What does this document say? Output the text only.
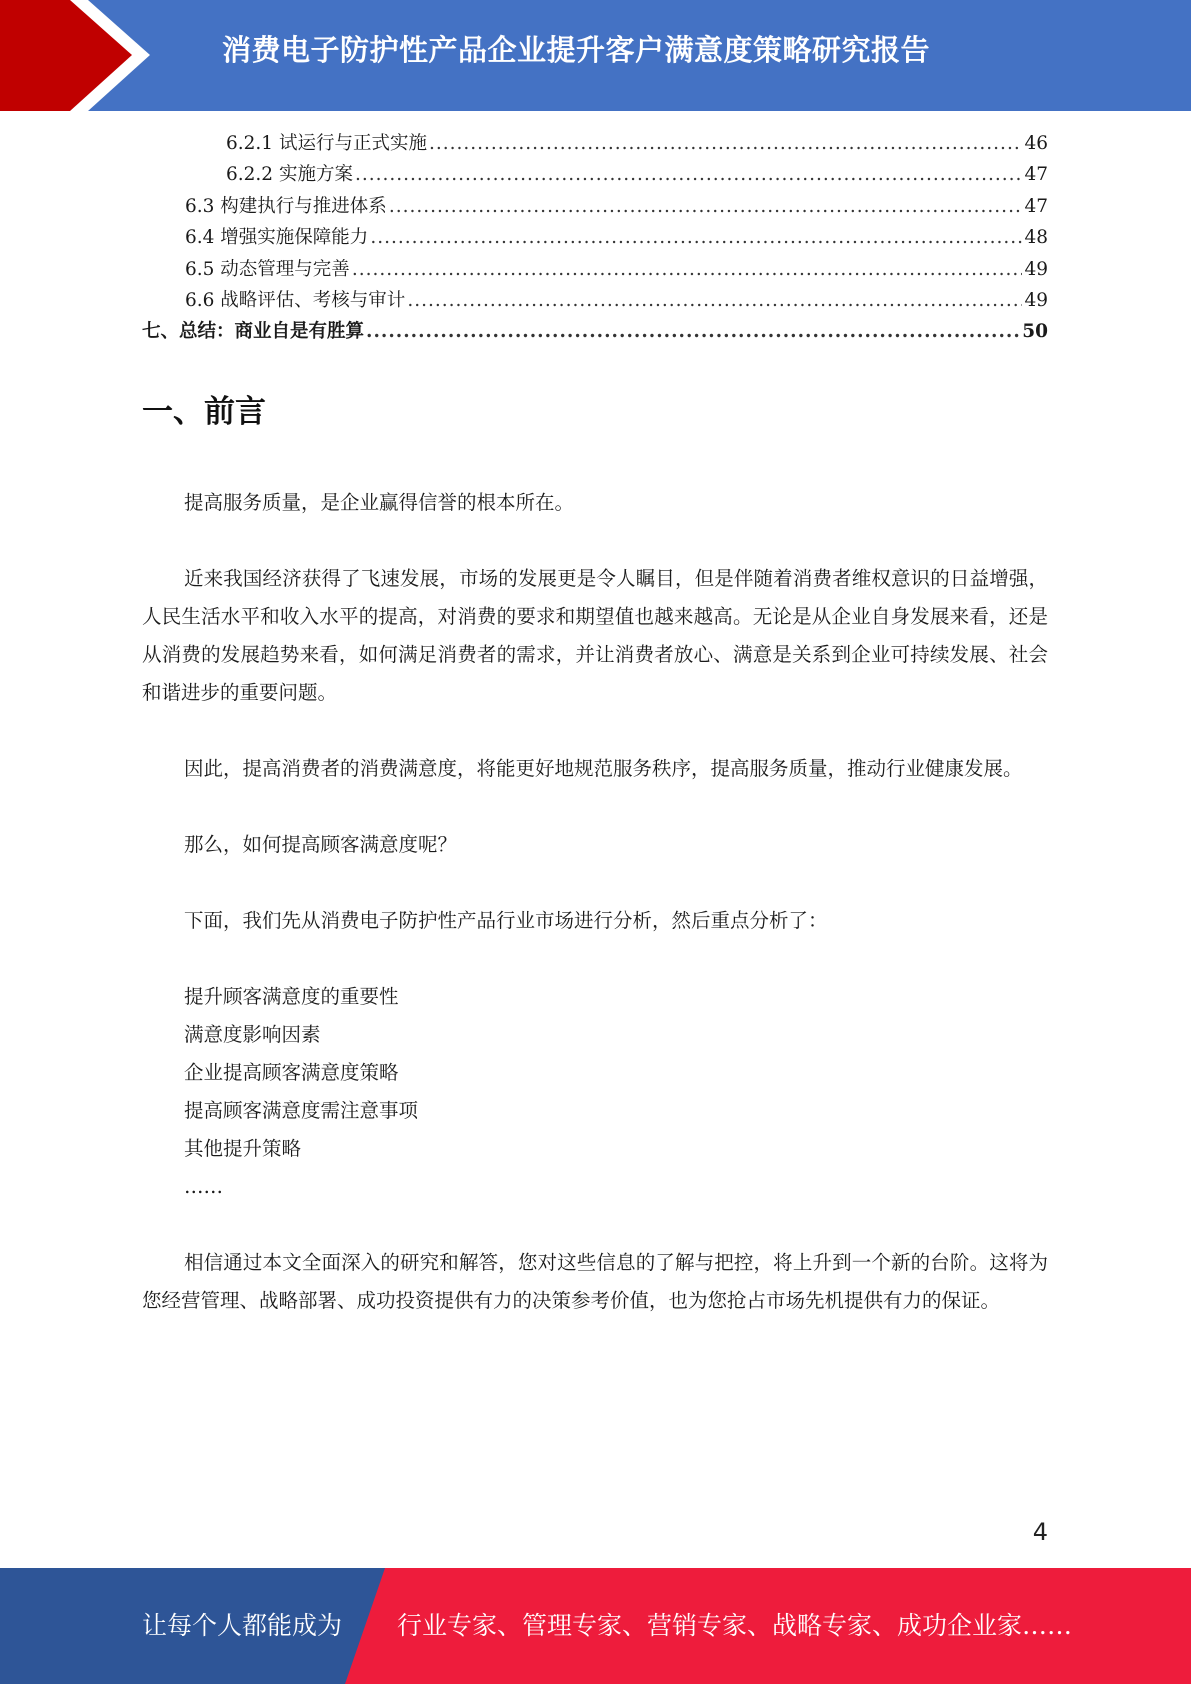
消费电子防护性产品企业提升客户满意度策略研究报告
6.2.1 试运行与正式实施 .....	46
6.2.2 实施方案 .....	47
6.3 构建执行与推进体系 .....	47
6.4 增强实施保障能力 .....	48
6.5 动态管理与完善 .....	49
6.6 战略评估、考核与审计 .....	49
七、总结：商业自是有胜算 .....	50
一、前言

提高服务质量，是企业赢得信誉的根本所在。

近来我国经济获得了飞速发展，市场的发展更是令人瞩目，但是伴随着消费者维权意识的日益增强，人民生活水平和收入水平的提高，对消费的要求和期望值也越来越高。无论是从企业自身发展来看，还是从消费的发展趋势来看，如何满足消费者的需求，并让消费者放心、满意是关系到企业可持续发展、社会和谐进步的重要问题。

因此，提高消费者的消费满意度，将能更好地规范服务秩序，提高服务质量，推动行业健康发展。

那么，如何提高顾客满意度呢？

下面，我们先从消费电子防护性产品行业市场进行分析，然后重点分析了：

提升顾客满意度的重要性
满意度影响因素
企业提高顾客满意度策略
提高顾客满意度需注意事项
其他提升策略
……

相信通过本文全面深入的研究和解答，您对这些信息的了解与把控，将上升到一个新的台阶。这将为您经营管理、战略部署、成功投资提供有力的决策参考价值，也为您抢占市场先机提供有力的保证。

4
让每个人都能成为 行业专家、管理专家、营销专家、战略专家、成功企业家……
